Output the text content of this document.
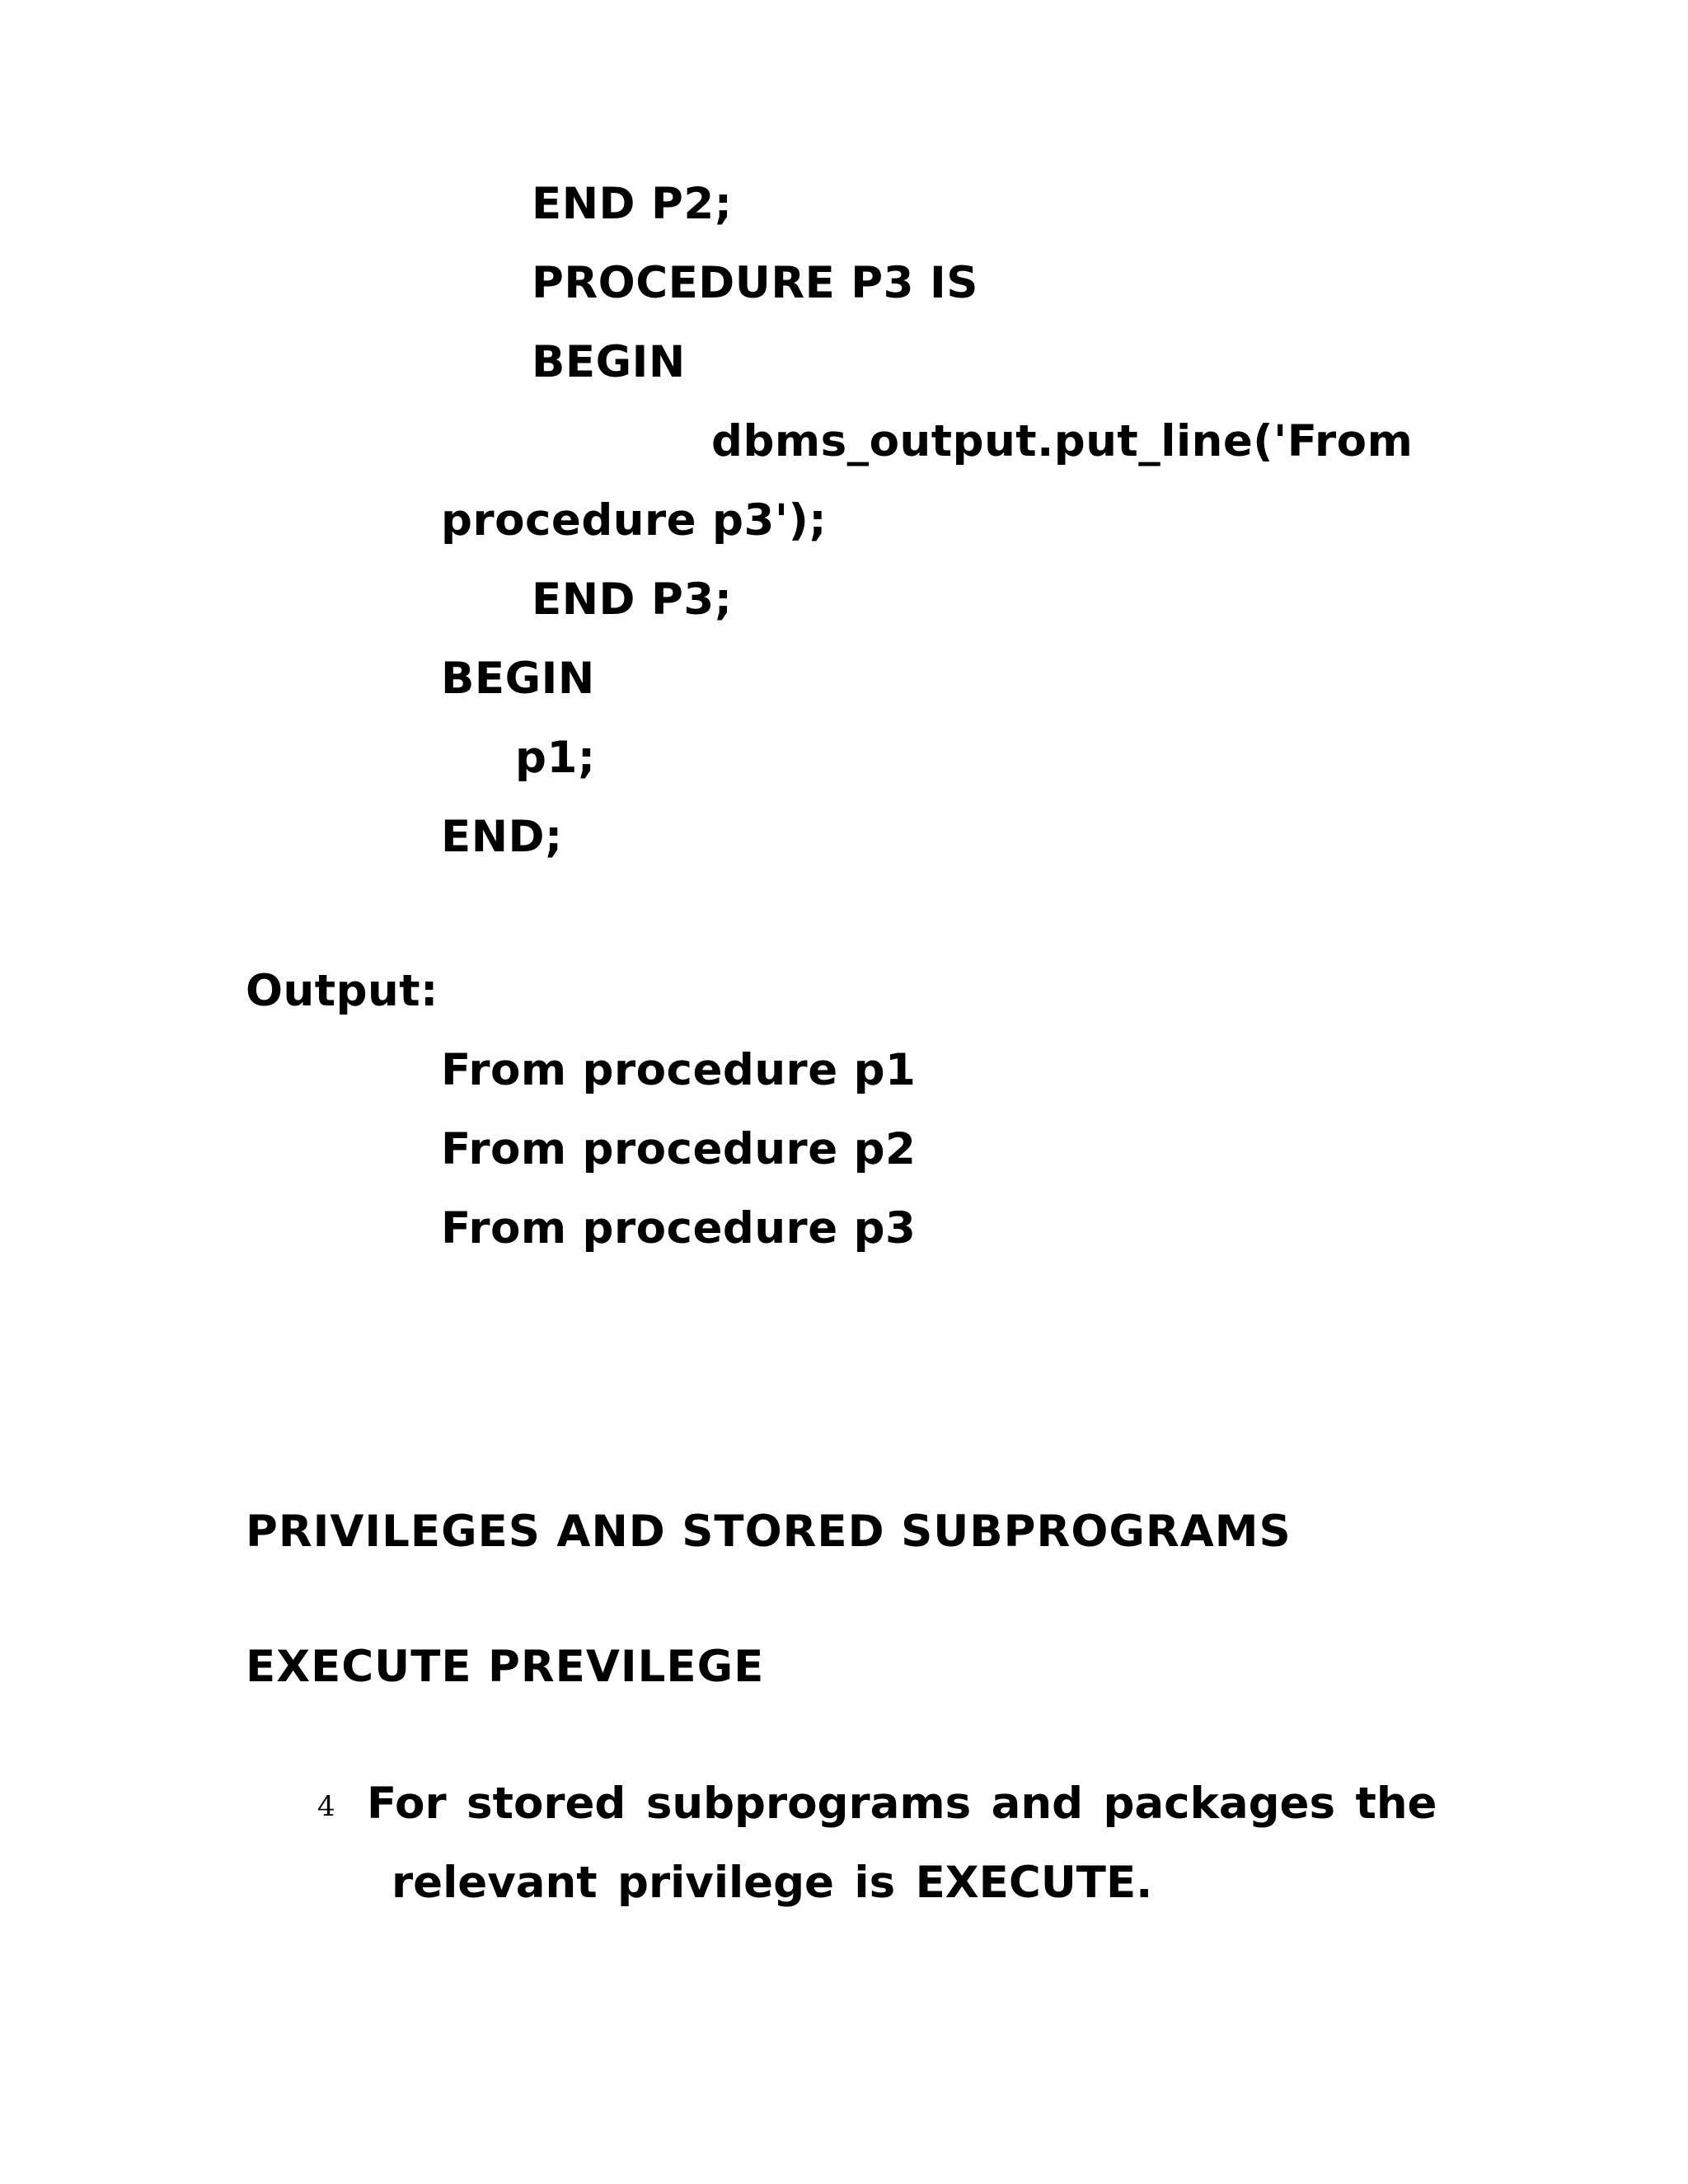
END P2;
PROCEDURE P3 IS
BEGIN
dbms_output.put_line('From
procedure p3');
END P3;
BEGIN
p1;
END;
Output:
From procedure p1
From procedure p2
From procedure p3
PRIVILEGES AND STORED SUBPROGRAMS
EXECUTE PREVILEGE
4 For stored subprograms and packages the
relevant privilege is EXECUTE.
